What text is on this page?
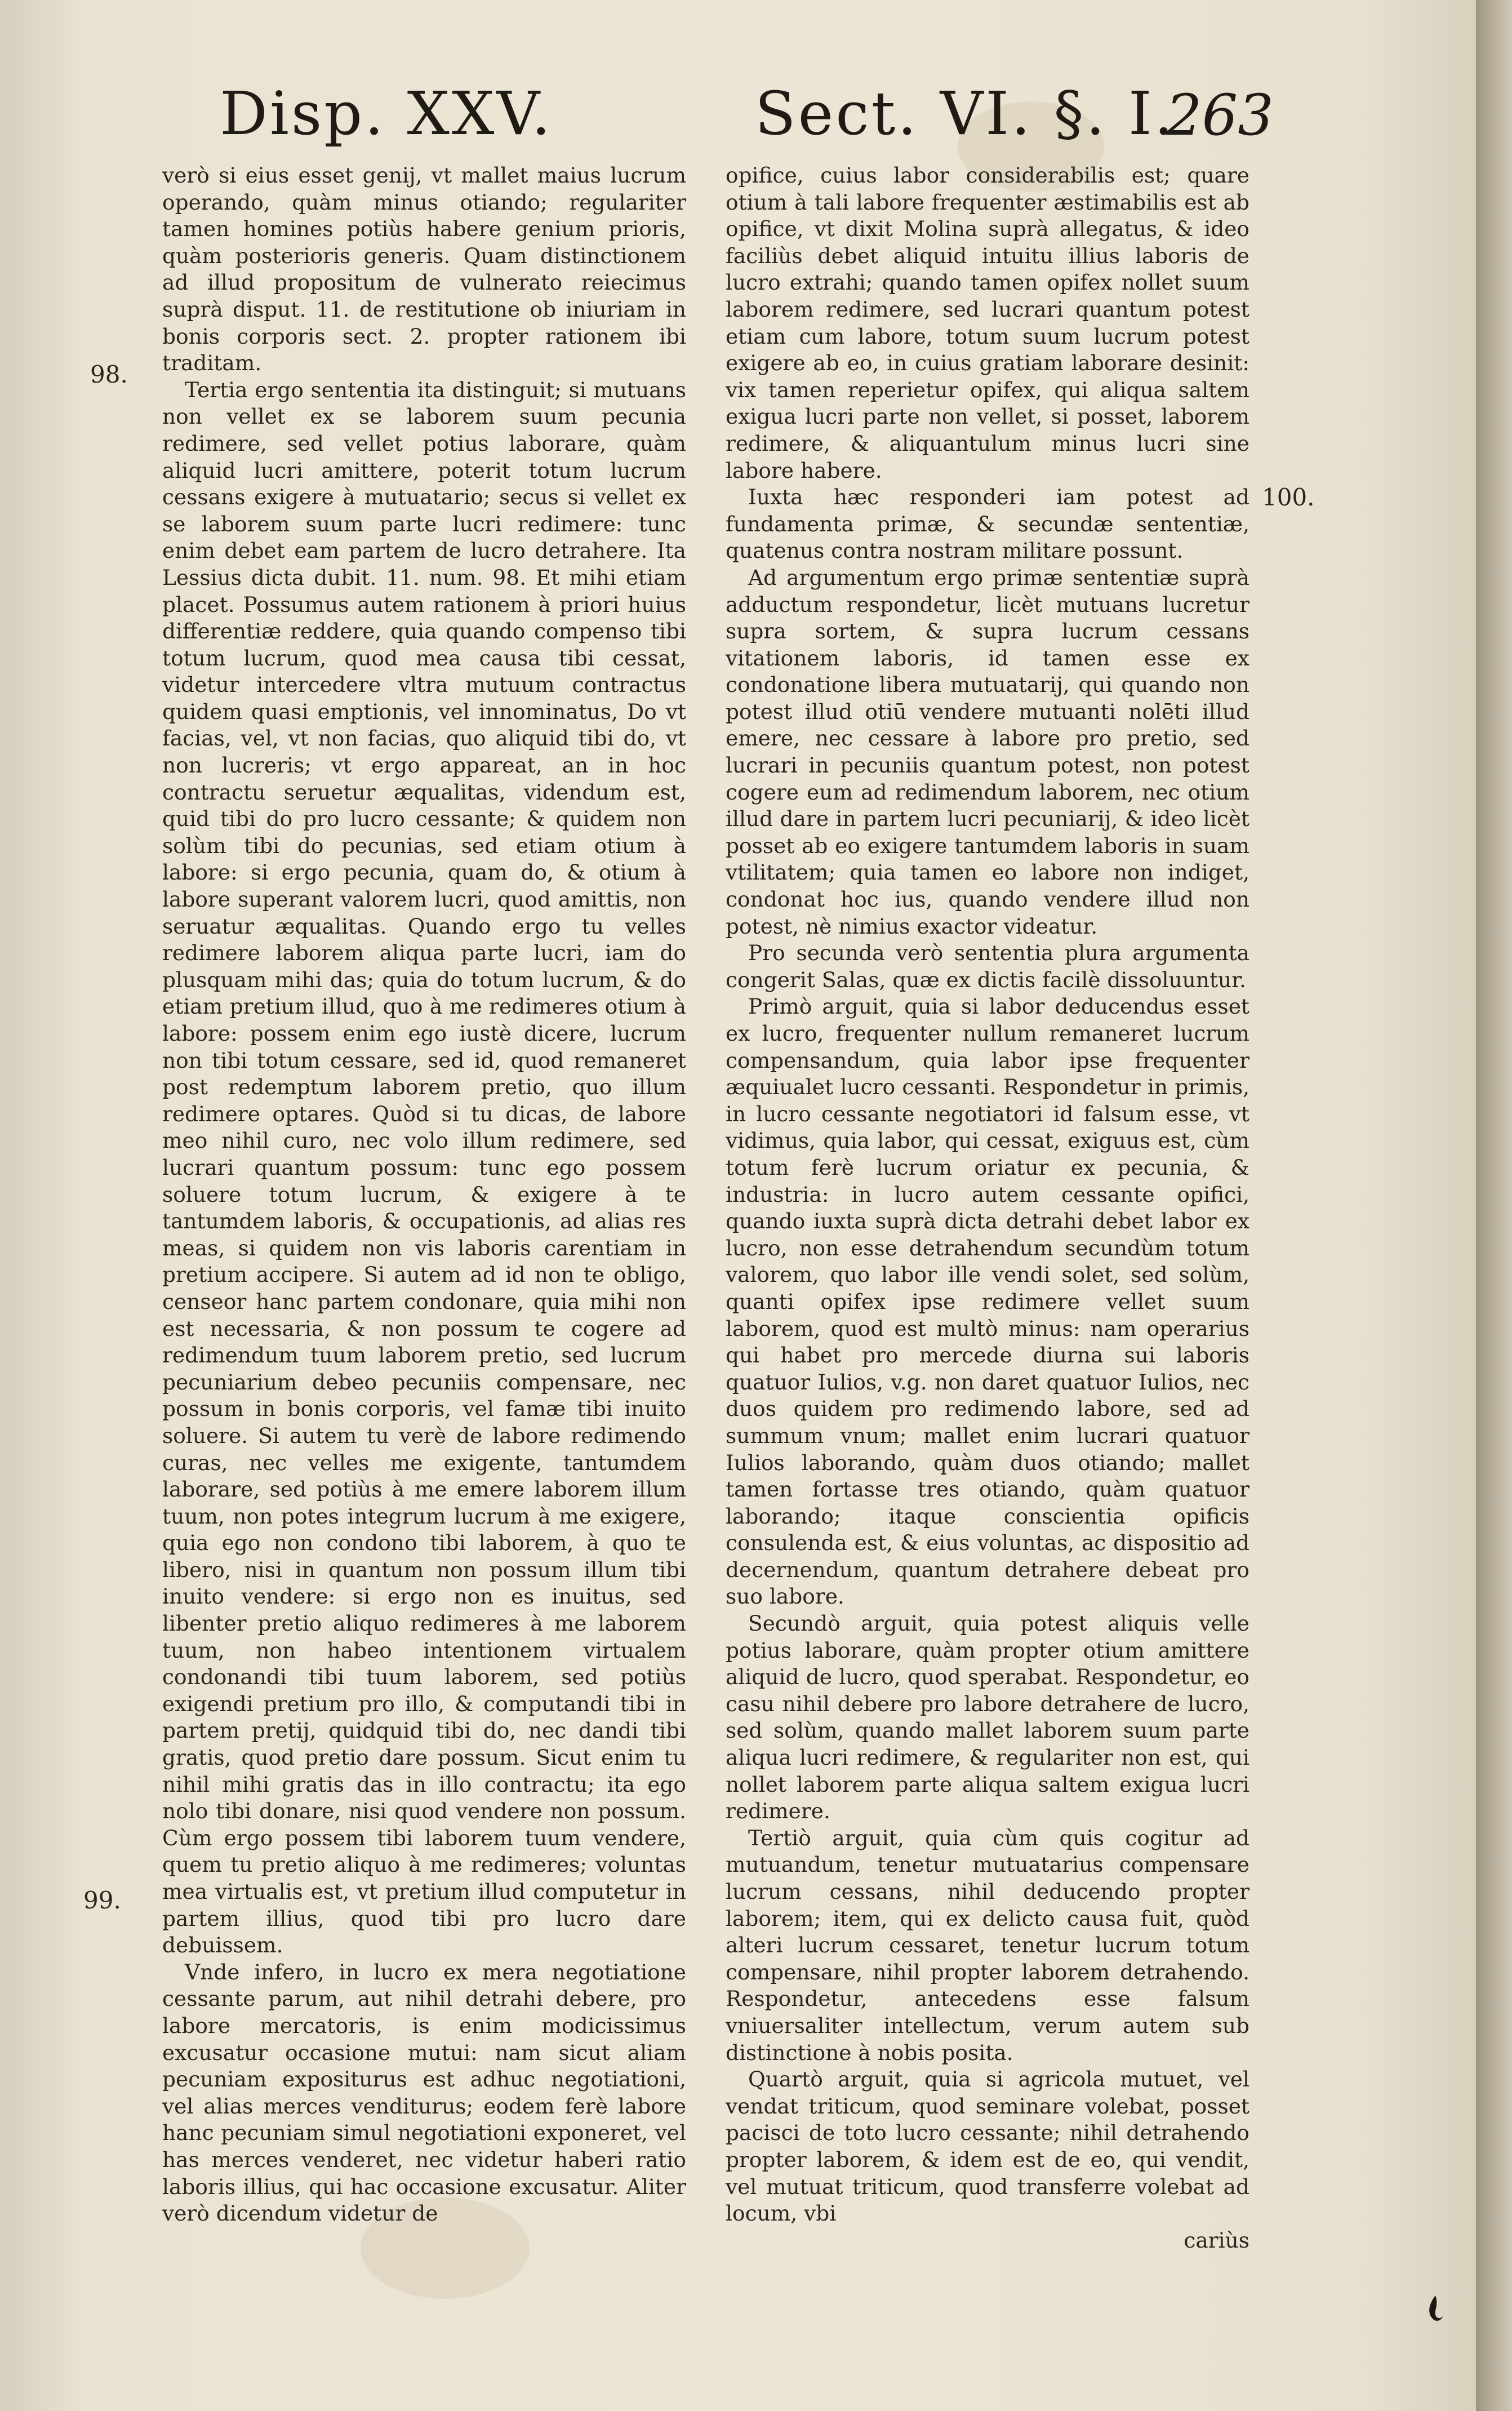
Disp. XXV.	Sect. VI. §. I.
263
98.
99.
100.

verò si eius esset genij, vt mallet maius lucrum operando, quàm minus otiando; regulariter tamen homines potiùs habere genium prioris, quàm posterioris generis. Quam distinctionem ad illud propositum de vulnerato reiecimus suprà disput. 11. de restitutione ob iniuriam in bonis corporis sect. 2. propter rationem ibi traditam.

Tertia ergo sententia ita distinguit; si mutuans non vellet ex se laborem suum pecunia redimere, sed vellet potius laborare, quàm aliquid lucri amittere, poterit totum lucrum cessans exigere à mutuatario; secus si vellet ex se laborem suum parte lucri redimere: tunc enim debet eam partem de lucro detrahere. Ita Lessius dicta dubit. 11. num. 98. Et mihi etiam placet. Possumus autem rationem à priori huius differentiæ reddere, quia quando compenso tibi totum lucrum, quod mea causa tibi cessat, videtur intercedere vltra mutuum contractus quidem quasi emptionis, vel innominatus, Do vt facias, vel, vt non facias, quo aliquid tibi do, vt non lucreris; vt ergo appareat, an in hoc contractu seruetur æqualitas, videndum est, quid tibi do pro lucro cessante; & quidem non solùm tibi do pecunias, sed etiam otium à labore: si ergo pecunia, quam do, & otium à labore superant valorem lucri, quod amittis, non seruatur æqualitas. Quando ergo tu velles redimere laborem aliqua parte lucri, iam do plusquam mihi das; quia do totum lucrum, & do etiam pretium illud, quo à me redimeres otium à labore: possem enim ego iustè dicere, lucrum non tibi totum cessare, sed id, quod remaneret post redemptum laborem pretio, quo illum redimere optares. Quòd si tu dicas, de labore meo nihil curo, nec volo illum redimere, sed lucrari quantum possum: tunc ego possem soluere totum lucrum, & exigere à te tantumdem laboris, & occupationis, ad alias res meas, si quidem non vis laboris carentiam in pretium accipere. Si autem ad id non te obligo, censeor hanc partem condonare, quia mihi non est necessaria, & non possum te cogere ad redimendum tuum laborem pretio, sed lucrum pecuniarium debeo pecuniis compensare, nec possum in bonis corporis, vel famæ tibi inuito soluere. Si autem tu verè de labore redimendo curas, nec velles me exigente, tantumdem laborare, sed potiùs à me emere laborem illum tuum, non potes integrum lucrum à me exigere, quia ego non condono tibi laborem, à quo te libero, nisi in quantum non possum illum tibi inuito vendere: si ergo non es inuitus, sed libenter pretio aliquo redimeres à me laborem tuum, non habeo intentionem virtualem condonandi tibi tuum laborem, sed potiùs exigendi pretium pro illo, & computandi tibi in partem pretij, quidquid tibi do, nec dandi tibi gratis, quod pretio dare possum. Sicut enim tu nihil mihi gratis das in illo contractu; ita ego nolo tibi donare, nisi quod vendere non possum. Cùm ergo possem tibi laborem tuum vendere, quem tu pretio aliquo à me redimeres; voluntas mea virtualis est, vt pretium illud computetur in partem illius, quod tibi pro lucro dare debuissem.

Vnde infero, in lucro ex mera negotiatione cessante parum, aut nihil detrahi debere, pro labore mercatoris, is enim modicissimus excusatur occasione mutui: nam sicut aliam pecuniam expositurus est adhuc negotiationi, vel alias merces venditurus; eodem ferè labore hanc pecuniam simul negotiationi exponeret, vel has merces venderet, nec videtur haberi ratio laboris illius, qui hac occasione excusatur. Aliter verò dicendum videtur de

opifice, cuius labor considerabilis est; quare otium à tali labore frequenter æstimabilis est ab opifice, vt dixit Molina suprà allegatus, & ideo faciliùs debet aliquid intuitu illius laboris de lucro extrahi; quando tamen opifex nollet suum laborem redimere, sed lucrari quantum potest etiam cum labore, totum suum lucrum potest exigere ab eo, in cuius gratiam laborare desinit: vix tamen reperietur opifex, qui aliqua saltem exigua lucri parte non vellet, si posset, laborem redimere, & aliquantulum minus lucri sine labore habere.

Iuxta hæc responderi iam potest ad fundamenta primæ, & secundæ sententiæ, quatenus contra nostram militare possunt.

Ad argumentum ergo primæ sententiæ suprà adductum respondetur, licèt mutuans lucretur supra sortem, & supra lucrum cessans vitationem laboris, id tamen esse ex condonatione libera mutuatarij, qui quando non potest illud otiū vendere mutuanti nolēti illud emere, nec cessare à labore pro pretio, sed lucrari in pecuniis quantum potest, non potest cogere eum ad redimendum laborem, nec otium illud dare in partem lucri pecuniarij, & ideo licèt posset ab eo exigere tantumdem laboris in suam vtilitatem; quia tamen eo labore non indiget, condonat hoc ius, quando vendere illud non potest, nè nimius exactor videatur.

Pro secunda verò sententia plura argumenta congerit Salas, quæ ex dictis facilè dissoluuntur.

Primò arguit, quia si labor deducendus esset ex lucro, frequenter nullum remaneret lucrum compensandum, quia labor ipse frequenter æquiualet lucro cessanti. Respondetur in primis, in lucro cessante negotiatori id falsum esse, vt vidimus, quia labor, qui cessat, exiguus est, cùm totum ferè lucrum oriatur ex pecunia, & industria: in lucro autem cessante opifici, quando iuxta suprà dicta detrahi debet labor ex lucro, non esse detrahendum secundùm totum valorem, quo labor ille vendi solet, sed solùm, quanti opifex ipse redimere vellet suum laborem, quod est multò minus: nam operarius qui habet pro mercede diurna sui laboris quatuor Iulios, v.g. non daret quatuor Iulios, nec duos quidem pro redimendo labore, sed ad summum vnum; mallet enim lucrari quatuor Iulios laborando, quàm duos otiando; mallet tamen fortasse tres otiando, quàm quatuor laborando; itaque conscientia opificis consulenda est, & eius voluntas, ac dispositio ad decernendum, quantum detrahere debeat pro suo labore.

Secundò arguit, quia potest aliquis velle potius laborare, quàm propter otium amittere aliquid de lucro, quod sperabat. Respondetur, eo casu nihil debere pro labore detrahere de lucro, sed solùm, quando mallet laborem suum parte aliqua lucri redimere, & regulariter non est, qui nollet laborem parte aliqua saltem exigua lucri redimere.

Tertiò arguit, quia cùm quis cogitur ad mutuandum, tenetur mutuatarius compensare lucrum cessans, nihil deducendo propter laborem; item, qui ex delicto causa fuit, quòd alteri lucrum cessaret, tenetur lucrum totum compensare, nihil propter laborem detrahendo. Respondetur, antecedens esse falsum vniuersaliter intellectum, verum autem sub distinctione à nobis posita.

Quartò arguit, quia si agricola mutuet, vel vendat triticum, quod seminare volebat, posset pacisci de toto lucro cessante; nihil detrahendo propter laborem, & idem est de eo, qui vendit, vel mutuat triticum, quod transferre volebat ad locum, vbi

cariùs
